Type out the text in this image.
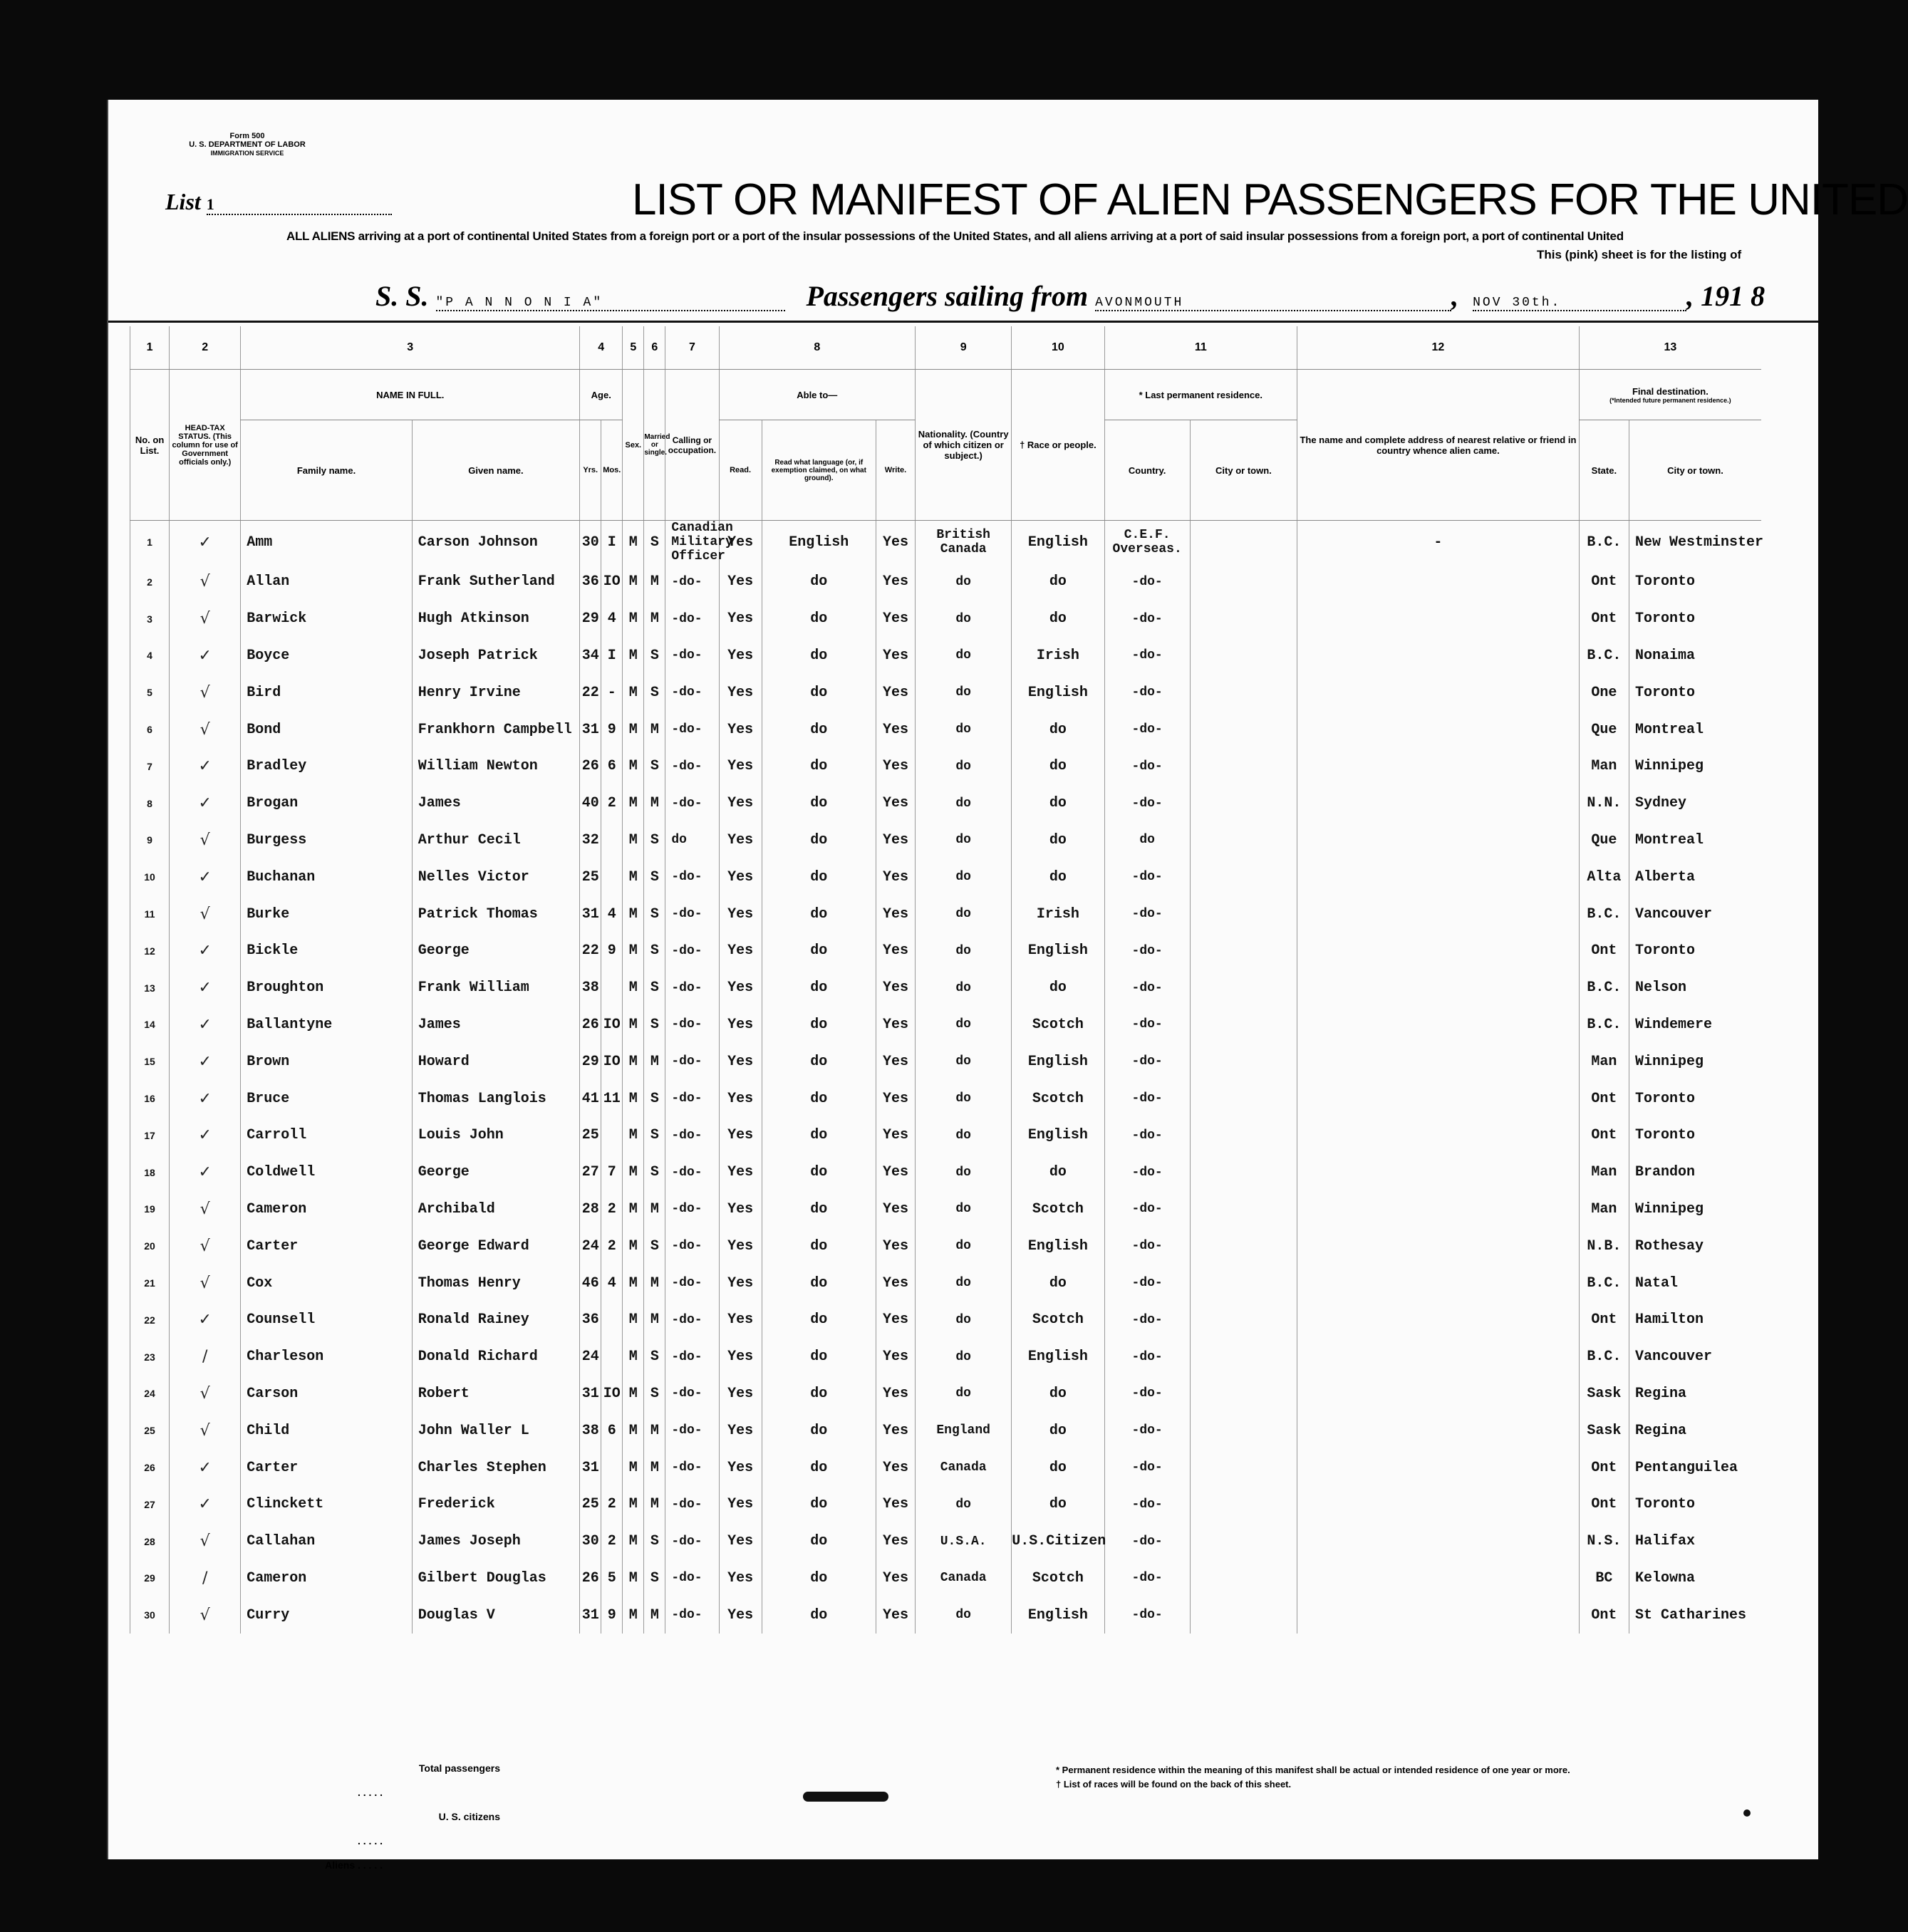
Form 500
U. S. DEPARTMENT OF LABOR
IMMIGRATION SERVICE
List 1	LIST OR MANIFEST OF ALIEN PASSENGERS FOR THE UNITED
ALL ALIENS arriving at a port of continental United States from a foreign port or a port of the insular possessions of the United States, and all aliens arriving at a port of said insular possessions from a foreign port, a port of continental United
This (pink) sheet is for the listing of
S. S. "P A N N O N I A"	Passengers sailing from AVONMOUTH	,  NOV 30th.	, 191 8
1	2	3		4		5	6	7	8			9	10	11		12	13	
No. on List.	HEAD-TAX STATUS. (This column for use of Government officials only.)	NAME IN FULL.		Age.		Sex.	Married or single.	Calling or occupation.	Able to—			Nationality. (Country of which citizen or subject.)	† Race or people.	* Last permanent residence.		The name and complete address of nearest relative or friend in country whence alien came.	Final destination.
(*Intended future permanent residence.)	

		Family name.	Given name.	Yrs.	Mos.				Read.	Read what language (or, if exemption claimed, on what ground).	Write.			Country.	City or town.		State.	City or town.
1	✓	Amm	Carson Johnson	30	I	M	S	Canadian Military Officer	Yes	English	Yes	British Canada	English	C.E.F. Overseas.		-	B.C.	New Westminster
2	√	Allan	Frank Sutherland	36	IO	M	M	-do-	Yes	do	Yes	do	do	-do-			Ont	Toronto
3	√	Barwick	Hugh Atkinson	29	4	M	M	-do-	Yes	do	Yes	do	do	-do-			Ont	Toronto
4	✓	Boyce	Joseph Patrick	34	I	M	S	-do-	Yes	do	Yes	do	Irish	-do-			B.C.	Nonaima
5	√	Bird	Henry Irvine	22	-	M	S	-do-	Yes	do	Yes	do	English	-do-			One	Toronto
6	√	Bond	Frankhorn Campbell	31	9	M	M	-do-	Yes	do	Yes	do	do	-do-			Que	Montreal
7	✓	Bradley	William Newton	26	6	M	S	-do-	Yes	do	Yes	do	do	-do-			Man	Winnipeg
8	✓	Brogan	James	40	2	M	M	-do-	Yes	do	Yes	do	do	-do-			N.N.	Sydney
9	√	Burgess	Arthur Cecil	32		M	S	do	Yes	do	Yes	do	do	do			Que	Montreal
10	✓	Buchanan	Nelles Victor	25		M	S	-do-	Yes	do	Yes	do	do	-do-			Alta	Alberta
11	√	Burke	Patrick Thomas	31	4	M	S	-do-	Yes	do	Yes	do	Irish	-do-			B.C.	Vancouver
12	✓	Bickle	George	22	9	M	S	-do-	Yes	do	Yes	do	English	-do-			Ont	Toronto
13	✓	Broughton	Frank William	38		M	S	-do-	Yes	do	Yes	do	do	-do-			B.C.	Nelson
14	✓	Ballantyne	James	26	IO	M	S	-do-	Yes	do	Yes	do	Scotch	-do-			B.C.	Windemere
15	✓	Brown	Howard	29	IO	M	M	-do-	Yes	do	Yes	do	English	-do-			Man	Winnipeg
16	✓	Bruce	Thomas Langlois	41	11	M	S	-do-	Yes	do	Yes	do	Scotch	-do-			Ont	Toronto
17	✓	Carroll	Louis John	25		M	S	-do-	Yes	do	Yes	do	English	-do-			Ont	Toronto
18	✓	Coldwell	George	27	7	M	S	-do-	Yes	do	Yes	do	do	-do-			Man	Brandon
19	√	Cameron	Archibald	28	2	M	M	-do-	Yes	do	Yes	do	Scotch	-do-			Man	Winnipeg
20	√	Carter	George Edward	24	2	M	S	-do-	Yes	do	Yes	do	English	-do-			N.B.	Rothesay
21	√	Cox	Thomas Henry	46	4	M	M	-do-	Yes	do	Yes	do	do	-do-			B.C.	Natal
22	✓	Counsell	Ronald Rainey	36		M	M	-do-	Yes	do	Yes	do	Scotch	-do-			Ont	Hamilton
23	/	Charleson	Donald Richard	24		M	S	-do-	Yes	do	Yes	do	English	-do-			B.C.	Vancouver
24	√	Carson	Robert	31	IO	M	S	-do-	Yes	do	Yes	do	do	-do-			Sask	Regina
25	√	Child	John Waller L	38	6	M	M	-do-	Yes	do	Yes	England	do	-do-			Sask	Regina
26	✓	Carter	Charles Stephen	31		M	M	-do-	Yes	do	Yes	Canada	do	-do-			Ont	Pentanguilea
27	✓	Clinckett	Frederick	25	2	M	M	-do-	Yes	do	Yes	do	do	-do-			Ont	Toronto
28	√	Callahan	James Joseph	30	2	M	S	-do-	Yes	do	Yes	U.S.A.	U.S.Citizen	-do-			N.S.	Halifax
29	/	Cameron	Gilbert Douglas	26	5	M	S	-do-	Yes	do	Yes	Canada	Scotch	-do-			BC	Kelowna
30	√	Curry	Douglas V	31	9	M	M	-do-	Yes	do	Yes	do	English	-do-			Ont	St Catharines
Total passengers . . . . .
U. S. citizens . . . . .
Aliens . . . . .
* Permanent residence within the meaning of this manifest shall be actual or intended residence of one year or more.
† List of races will be found on the back of this sheet.
